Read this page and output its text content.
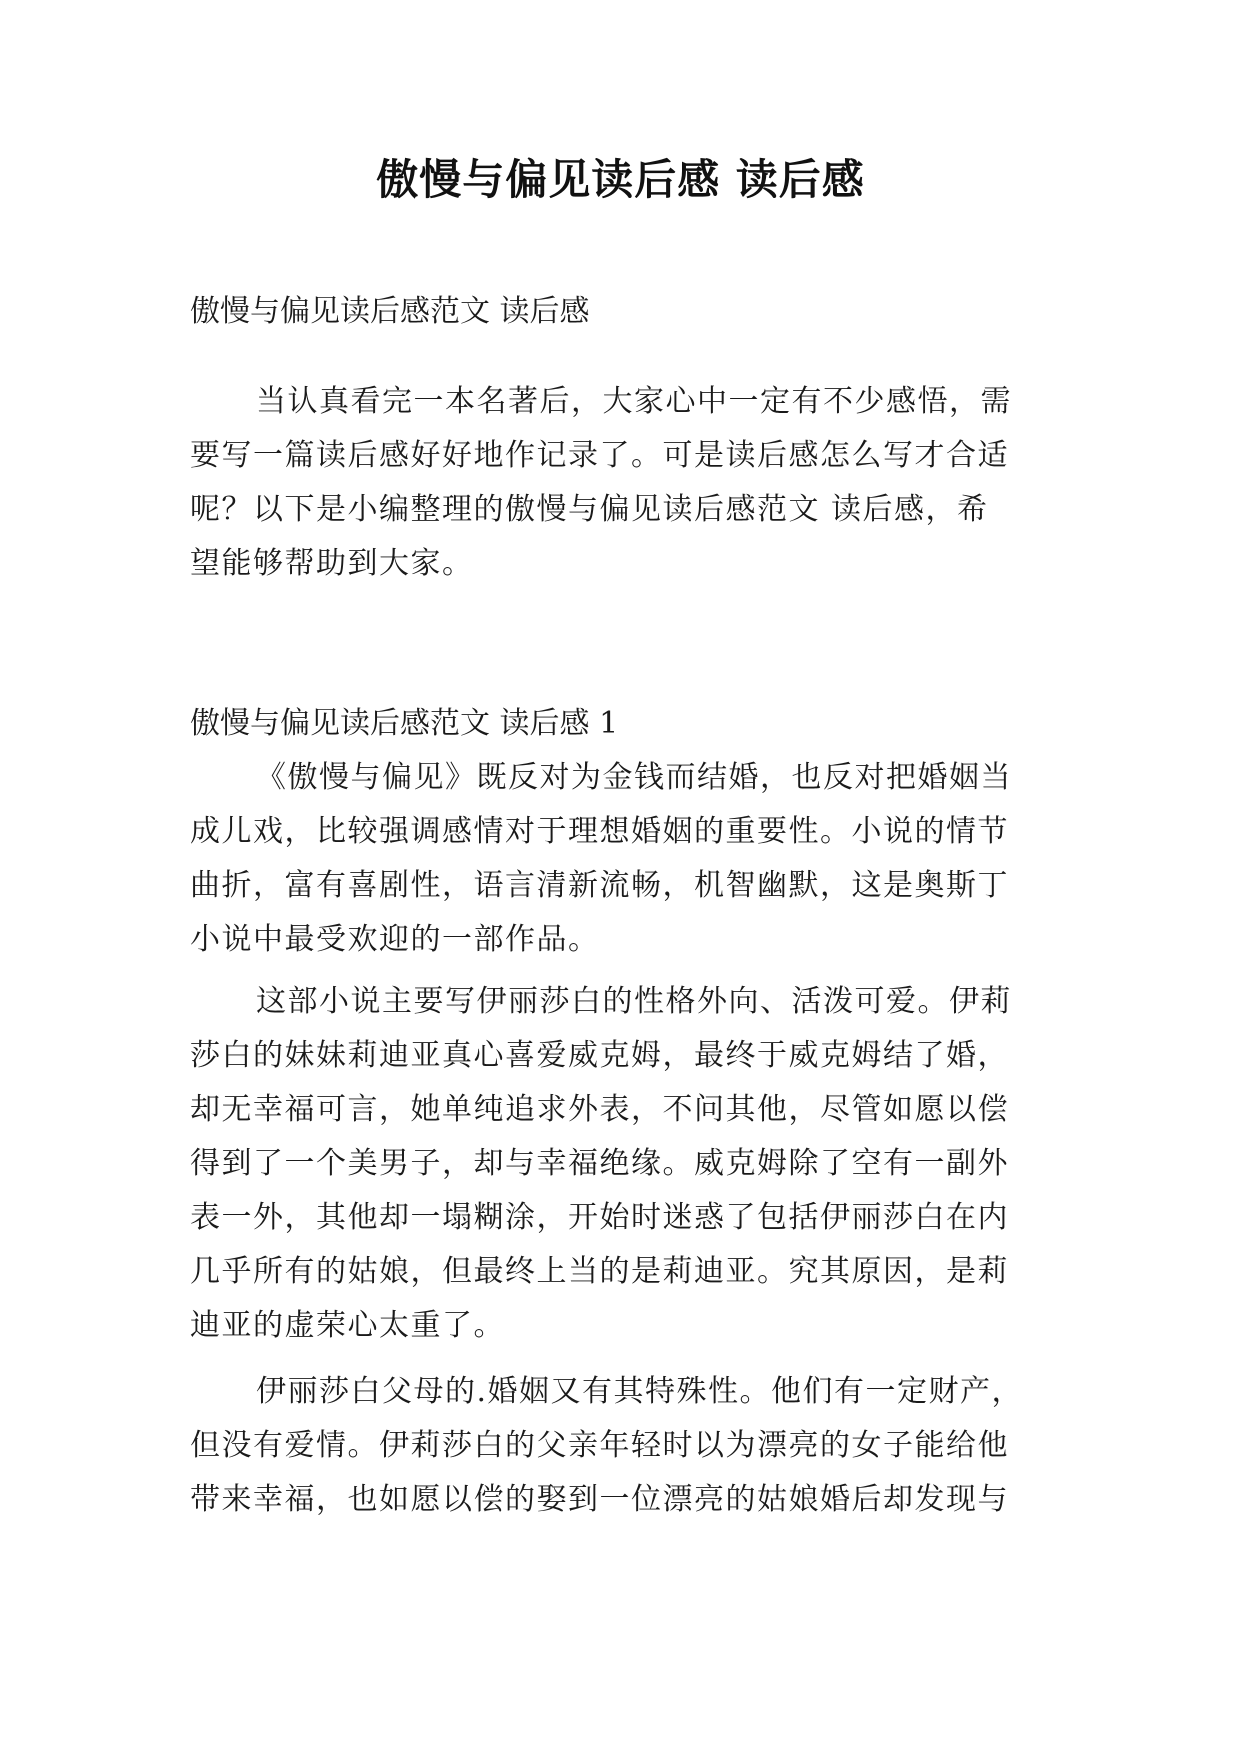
傲慢与偏见读后感 读后感
傲慢与偏见读后感范文 读后感
当认真看完一本名著后，大家心中一定有不少感悟，需
要写一篇读后感好好地作记录了。可是读后感怎么写才合适
呢？以下是小编整理的傲慢与偏见读后感范文 读后感，希
望能够帮助到大家。
傲慢与偏见读后感范文 读后感 1
《傲慢与偏见》既反对为金钱而结婚，也反对把婚姻当
成儿戏，比较强调感情对于理想婚姻的重要性。小说的情节
曲折，富有喜剧性，语言清新流畅，机智幽默，这是奥斯丁
小说中最受欢迎的一部作品。
这部小说主要写伊丽莎白的性格外向、活泼可爱。伊莉
莎白的妹妹莉迪亚真心喜爱威克姆，最终于威克姆结了婚，
却无幸福可言，她单纯追求外表，不问其他，尽管如愿以偿
得到了一个美男子，却与幸福绝缘。威克姆除了空有一副外
表一外，其他却一塌糊涂，开始时迷惑了包括伊丽莎白在内
几乎所有的姑娘，但最终上当的是莉迪亚。究其原因，是莉
迪亚的虚荣心太重了。
伊丽莎白父母的.婚姻又有其特殊性。他们有一定财产，
但没有爱情。伊莉莎白的父亲年轻时以为漂亮的女子能给他
带来幸福，也如愿以偿的娶到一位漂亮的姑娘婚后却发现与
